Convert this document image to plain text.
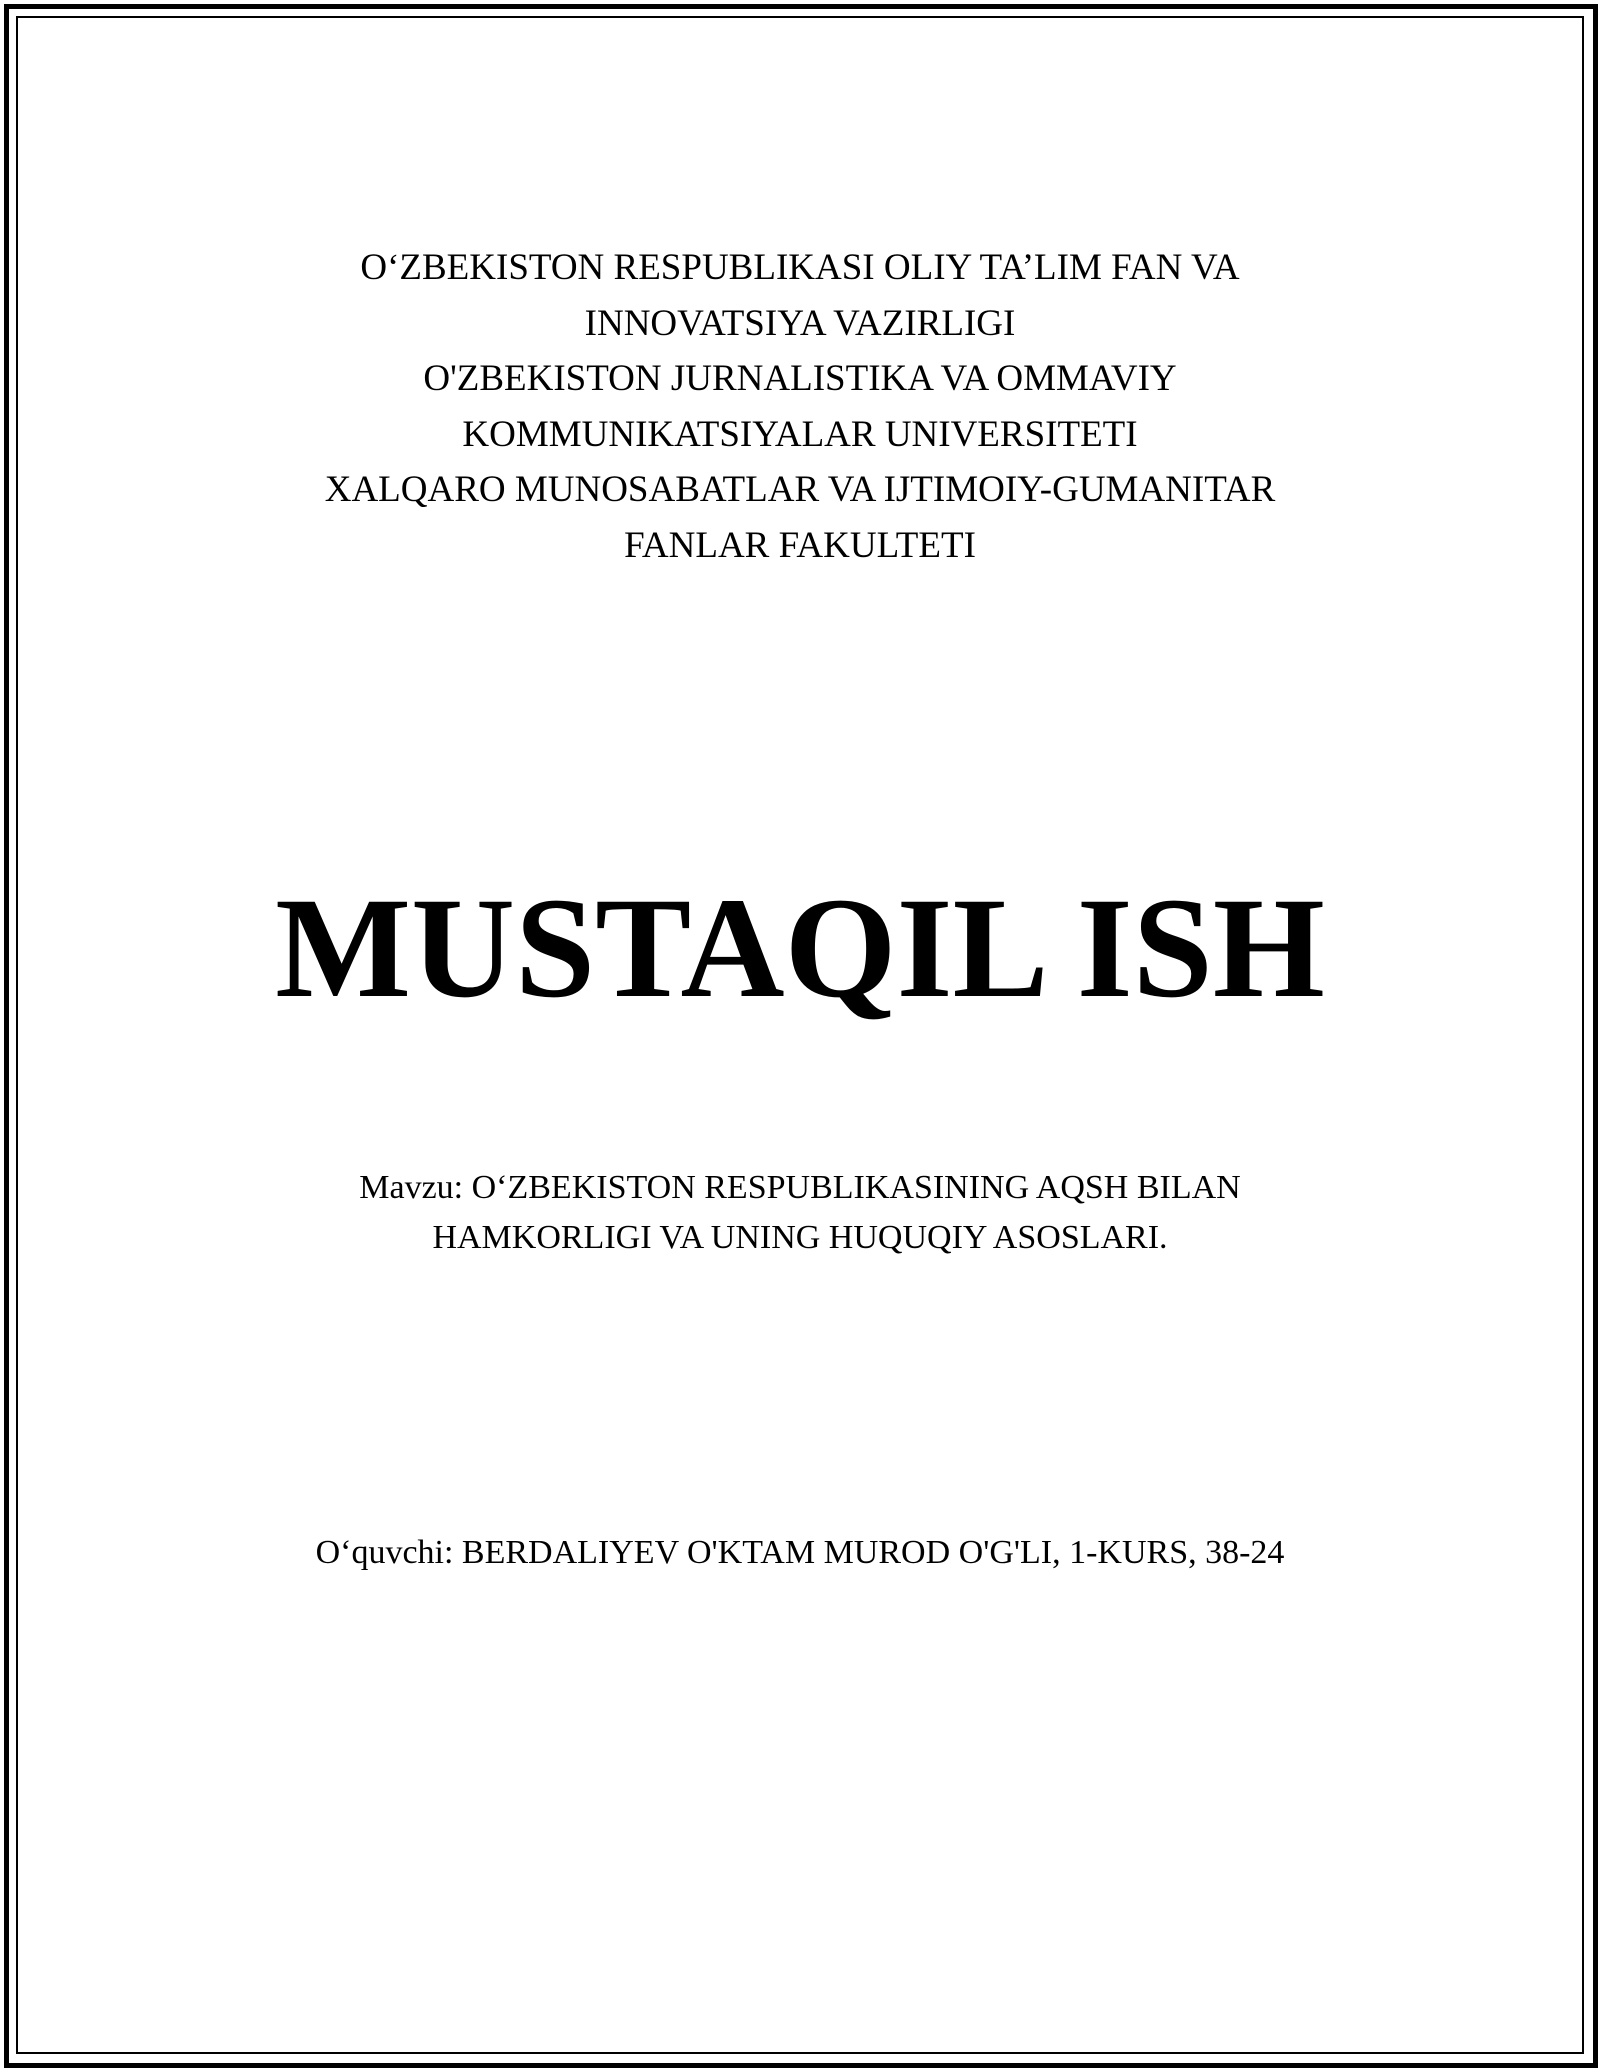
O‘ZBEKISTON RESPUBLIKASI OLIY TA’LIM FAN VA
INNOVATSIYA VAZIRLIGI
O'ZBEKISTON JURNALISTIKA VA OMMAVIY
KOMMUNIKATSIYALAR UNIVERSITETI
XALQARO MUNOSABATLAR VA IJTIMOIY-GUMANITAR
FANLAR FAKULTETI
MUSTAQIL ISH
Mavzu: O‘ZBEKISTON RESPUBLIKASINING AQSH BILAN
HAMKORLIGI VA UNING HUQUQIY ASOSLARI.
O‘quvchi: BERDALIYEV O'KTAM MUROD O'G'LI, 1-KURS, 38-24
